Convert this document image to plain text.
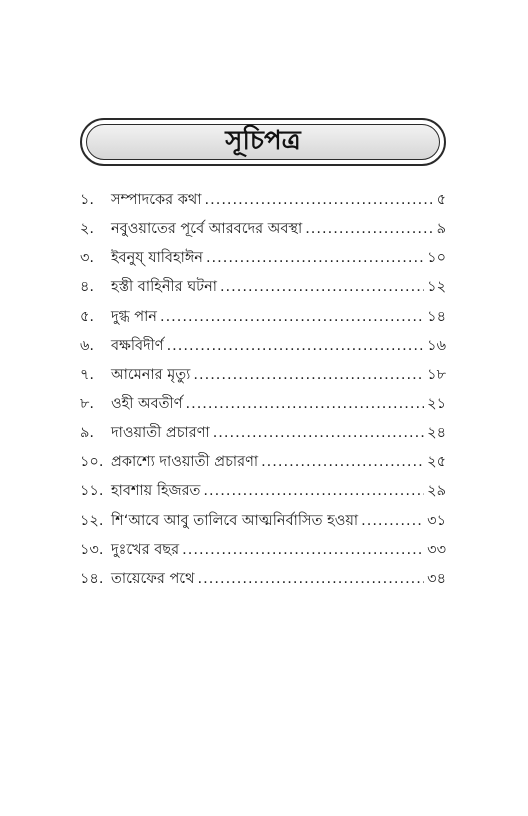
সূচিপত্র
১.	সম্পাদকের কথা .....	৫
২.	নবুওয়াতের পূর্বে আরবদের অবস্থা .....	৯
৩.	ইবনুয্ যাবিহাঈন .....	১০
৪.	হস্তী বাহিনীর ঘটনা .....	১২
৫.	দুগ্ধ পান .....	১৪
৬.	বক্ষবিদীর্ণ .....	১৬
৭.	আমেনার মৃত্যু .....	১৮
৮.	ওহী অবতীর্ণ .....	২১
৯.	দাওয়াতী প্রচারণা .....	২৪
১০. প্রকাশ্যে দাওয়াতী প্রচারণা .....	২৫
১১. হাবশায় হিজরত .....	২৯
১২. শি‘আবে আবু তালিবে আত্মনির্বাসিত হওয়া .....	৩১
১৩. দুঃখের বছর .....	৩৩
১৪. তায়েফের পথে .....	৩৪
